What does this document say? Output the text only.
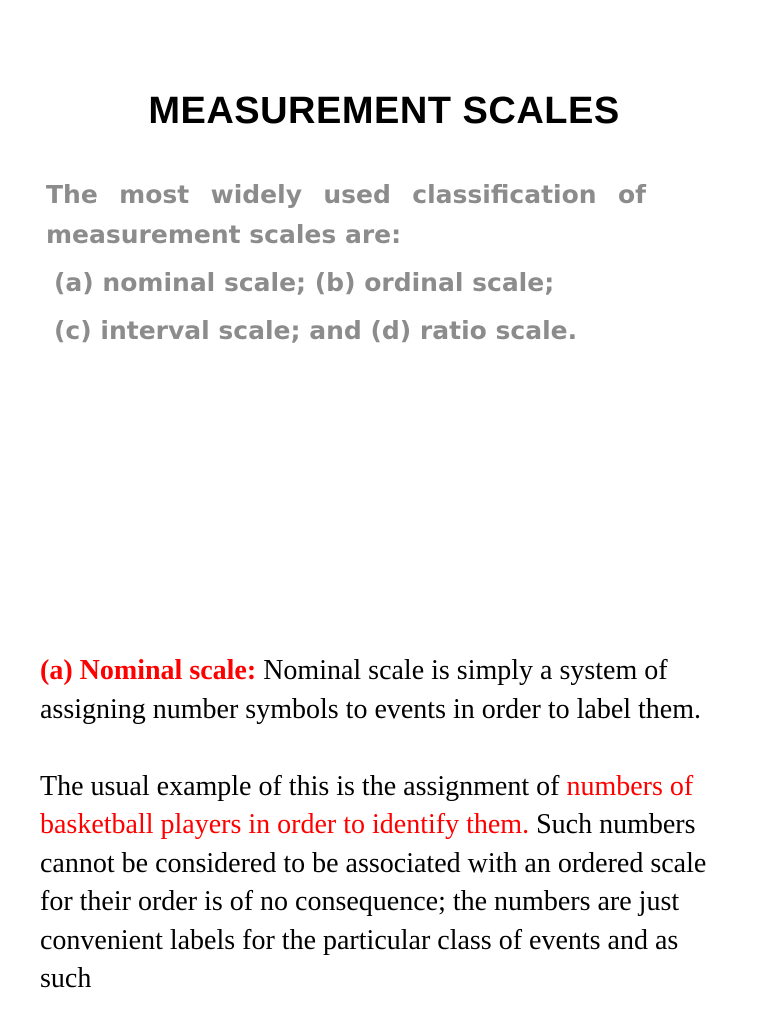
MEASUREMENT SCALES

The most widely used classification of measurement scales are:

(a) nominal scale; (b) ordinal scale;
(c) interval scale; and (d) ratio scale.

(a) Nominal scale: Nominal scale is simply a system of assigning number symbols to events in order to label them.

The usual example of this is the assignment of numbers of basketball players in order to identify them. Such numbers cannot be considered to be associated with an ordered scale for their order is of no consequence; the numbers are just convenient labels for the particular class of events and as such
